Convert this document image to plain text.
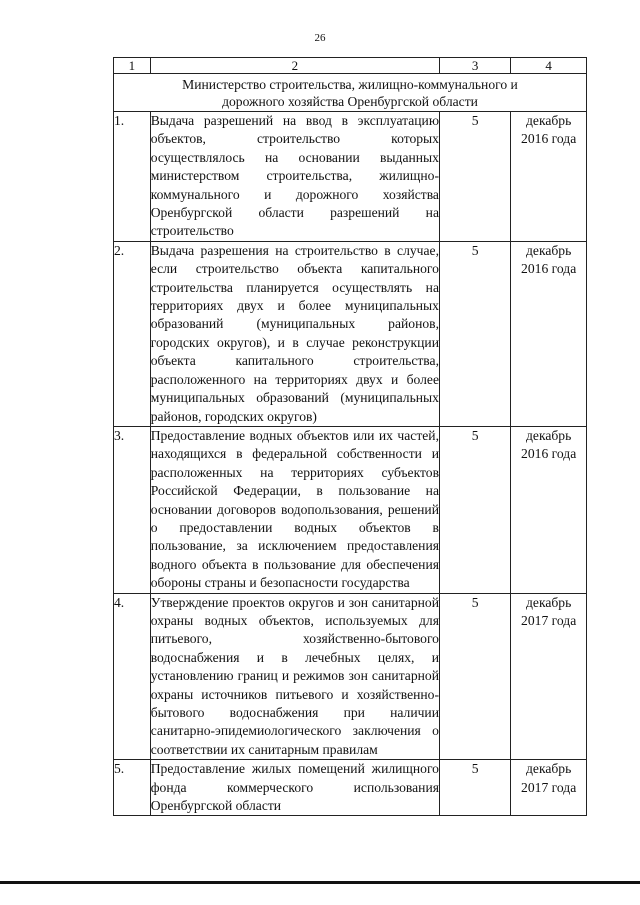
26
1	2	3	4

Министерство строительства, жилищно-коммунального и
дорожного хозяйства Оренбургской области			

1.	Выдача разрешений на ввод в эксплуатацию объектов, строительство которых осуществлялось на основании выданных министерством строительства, жилищно-коммунального и дорожного хозяйства Оренбургской области разрешений на строительство	5	декабрь
2016 года

2.	Выдача разрешения на строительство в случае, если строительство объекта капитального строительства планируется осуществлять на территориях двух и более муниципальных образований (муниципальных районов, городских округов), и в случае реконструкции объекта капитального строительства, расположенного на территориях двух и более муниципальных образований (муниципальных районов, городских округов)	5	декабрь
2016 года

3.	Предоставление водных объектов или их частей, находящихся в федеральной собственности и расположенных на территориях субъектов Российской Федерации, в пользование на основании договоров водопользования, решений о предоставлении водных объектов в пользование, за исключением предоставления водного объекта в пользование для обеспечения обороны страны и безопасности государства	5	декабрь
2016 года

4.	Утверждение проектов округов и зон санитарной охраны водных объектов, используемых для питьевого, хозяйственно-бытового водоснабжения и в лечебных целях, и установлению границ и режимов зон санитарной охраны источников питьевого и хозяйственно-бытового водоснабжения при наличии санитарно-эпидемиологического заключения о соответствии их санитарным правилам	5	декабрь
2017 года

5.	Предоставление жилых помещений жилищного фонда коммерческого использования Оренбургской области	5	декабрь
2017 года
